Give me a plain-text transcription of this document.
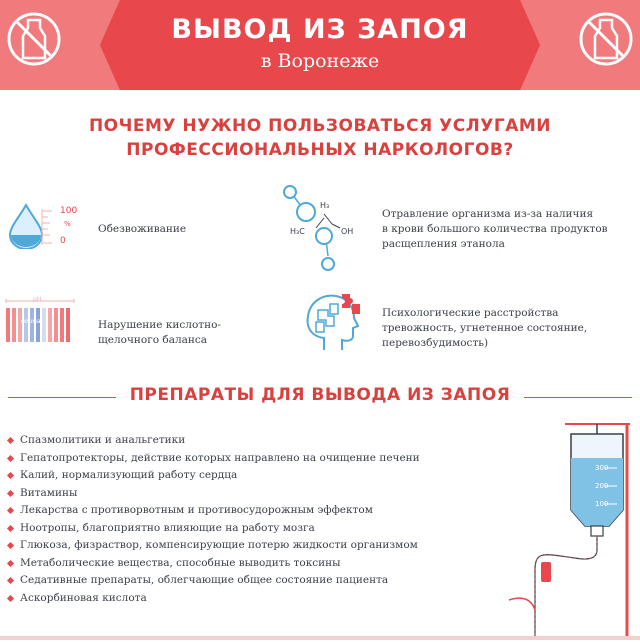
ВЫВОД ИЗ ЗАПОЯ
в Воронеже
ПОЧЕМУ НУЖНО ПОЛЬЗОВАТЬСЯ УСЛУГАМИ
ПРОФЕССИОНАЛЬНЫХ НАРКОЛОГОВ?
100
%
0
Обезвоживание
H₃
H₃C	OH
Отравление организма из-за наличия
в крови большого количества продуктов
расщепления этанола
pH
норма	Нарушение кислотно-
щелочного баланса
Психологические расстройства
тревожность, угнетенное состояние,
перевозбудимость)
ПРЕПАРАТЫ ДЛЯ ВЫВОДА ИЗ ЗАПОЯ
Спазмолитики и анальгетики
Гепатопротекторы, действие которых направлено на очищение печени
Калий, нормализующий работу сердца
Витамины
Лекарства с противорвотным и противосудорожным эффектом
Ноотропы, благоприятно влияющие на работу мозга
Глюкоза, физраствор, компенсирующие потерю жидкости организмом
Метаболические вещества, способные выводить токсины
Седативные препараты, облегчающие общее состояние пациента
Аскорбиновая кислота
300
200
100
